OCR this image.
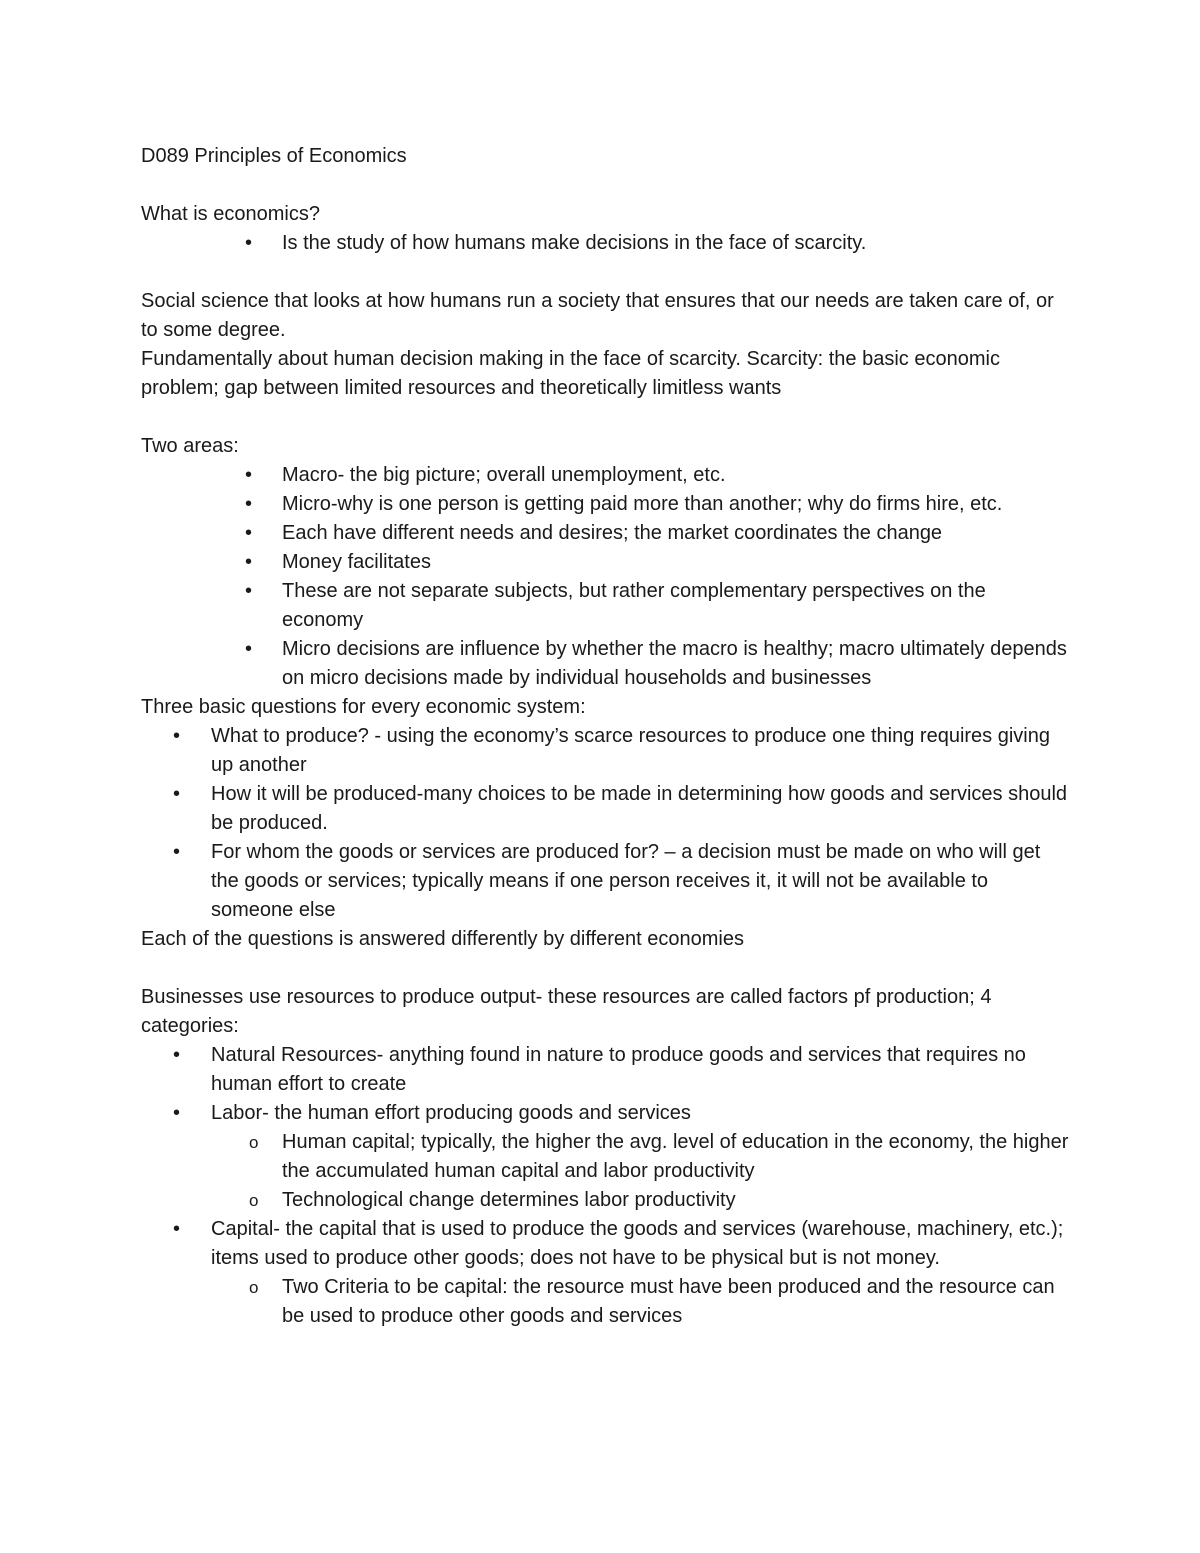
D089 Principles of Economics

What is economics?

• Is the study of how humans make decisions in the face of scarcity.

Social science that looks at how humans run a society that ensures that our needs are taken care of, or to some degree.

Fundamentally about human decision making in the face of scarcity. Scarcity: the basic economic problem; gap between limited resources and theoretically limitless wants

Two areas:

• Macro- the big picture; overall unemployment, etc.
• Micro-why is one person is getting paid more than another; why do firms hire, etc.
• Each have different needs and desires; the market coordinates the change
• Money facilitates
• These are not separate subjects, but rather complementary perspectives on the economy
• Micro decisions are influence by whether the macro is healthy; macro ultimately depends on micro decisions made by individual households and businesses

Three basic questions for every economic system:

• What to produce? - using the economy’s scarce resources to produce one thing requires giving up another
• How it will be produced-many choices to be made in determining how goods and services should be produced.
• For whom the goods or services are produced for? – a decision must be made on who will get the goods or services; typically means if one person receives it, it will not be available to someone else

Each of the questions is answered differently by different economies

Businesses use resources to produce output- these resources are called factors pf production; 4 categories:

• Natural Resources- anything found in nature to produce goods and services that requires no human effort to create
• Labor- the human effort producing goods and services
o Human capital; typically, the higher the avg. level of education in the economy, the higher the accumulated human capital and labor productivity
o Technological change determines labor productivity
• Capital- the capital that is used to produce the goods and services (warehouse, machinery, etc.); items used to produce other goods; does not have to be physical but is not money.
o Two Criteria to be capital: the resource must have been produced and the resource can be used to produce other goods and services
